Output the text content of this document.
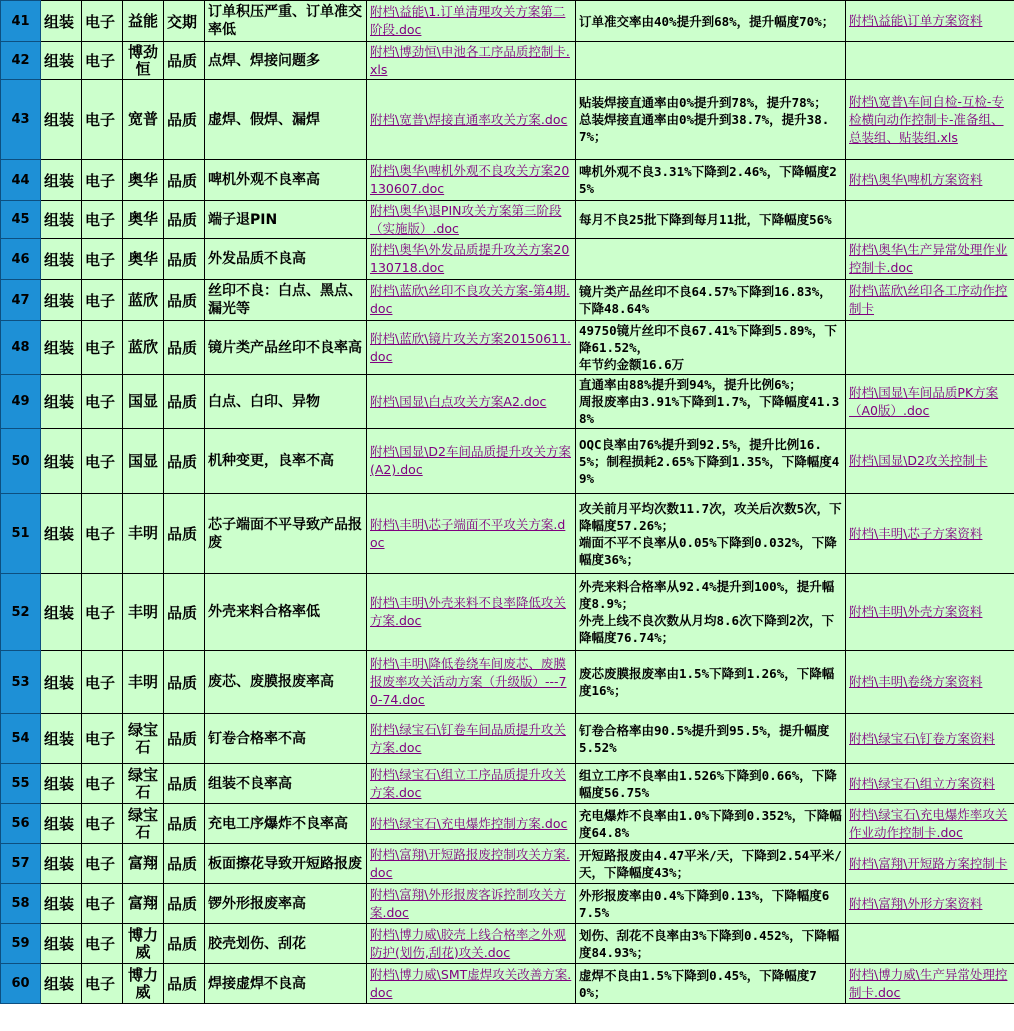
41	组装	电子	益能	交期	订单积压严重、订单准交率低	附档\益能\1.订单清理攻关方案第二阶段.doc	订单准交率由40%提升到68%，提升幅度70%；	附档\益能\订单方案资料
42	组装	电子	博劲恒	品质	点焊、焊接问题多	附档\博劲恒\申池各工序品质控制卡.xls		
43	组装	电子	宽普	品质	虚焊、假焊、漏焊	附档\宽普\焊接直通率攻关方案.doc	贴装焊接直通率由0%提升到78%，提升78%；
总装焊接直通率由0%提升到38.7%，提升38.7%；	附档\宽普\车间自检-互检-专检横向动作控制卡-准备组、总装组、贴装组.xls
44	组装	电子	奥华	品质	啤机外观不良率高	附档\奥华\啤机外观不良攻关方案20130607.doc	啤机外观不良3.31%下降到2.46%，下降幅度25%	附档\奥华\啤机方案资料
45	组装	电子	奥华	品质	端子退PIN	附档\奥华\退PIN攻关方案第三阶段（实施版）.doc	每月不良25批下降到每月11批，下降幅度56%	
46	组装	电子	奥华	品质	外发品质不良高	附档\奥华\外发品质提升攻关方案20130718.doc		附档\奥华\生产异常处理作业控制卡.doc
47	组装	电子	蓝欣	品质	丝印不良：白点、黑点、漏光等	附档\蓝欣\丝印不良攻关方案-第4期.doc	镜片类产品丝印不良64.57%下降到16.83%，下降48.64%	附档\蓝欣\丝印各工序动作控制卡
48	组装	电子	蓝欣	品质	镜片类产品丝印不良率高	附档\蓝欣\镜片攻关方案20150611.doc	49750镜片丝印不良67.41%下降到5.89%，下降61.52%，
年节约金额16.6万	

49	组装	电子	国显	品质	白点、白印、异物	附档\国显\白点攻关方案A2.doc	直通率由88%提升到94%，提升比例6%；
周报废率由3.91%下降到1.7%，下降幅度41.38%	附档\国显\车间品质PK方案（A0版）.doc
50	组装	电子	国显	品质	机种变更，良率不高	附档\国显\D2车间品质提升攻关方案(A2).doc	OQC良率由76%提升到92.5%，提升比例16.5%；制程损耗2.65%下降到1.35%，下降幅度49%	附档\国显\D2攻关控制卡
51	组装	电子	丰明	品质	芯子端面不平导致产品报废	附档\丰明\芯子端面不平攻关方案.doc	攻关前月平均次数11.7次，攻关后次数5次，下降幅度57.26%；
端面不平不良率从0.05%下降到0.032%，下降幅度36%；	附档\丰明\芯子方案资料
52	组装	电子	丰明	品质	外壳来料合格率低	附档\丰明\外壳来料不良率降低攻关方案.doc	外壳来料合格率从92.4%提升到100%，提升幅度8.9%；
外壳上线不良次数从月均8.6次下降到2次，下降幅度76.74%；	附档\丰明\外壳方案资料
53	组装	电子	丰明	品质	废芯、废膜报废率高	附档\丰明\降低卷绕车间废芯、废膜报废率攻关活动方案（升级版）---70-74.doc	废芯废膜报废率由1.5%下降到1.26%，下降幅度16%；	附档\丰明\卷绕方案资料
54	组装	电子	绿宝石	品质	钉卷合格率不高	附档\绿宝石\钉卷车间品质提升攻关方案.doc	钉卷合格率由90.5%提升到95.5%，提升幅度5.52%	附档\绿宝石\钉卷方案资料
55	组装	电子	绿宝石	品质	组装不良率高	附档\绿宝石\组立工序品质提升攻关方案.doc	组立工序不良率由1.526%下降到0.66%，下降幅度56.75%	附档\绿宝石\组立方案资料
56	组装	电子	绿宝石	品质	充电工序爆炸不良率高	附档\绿宝石\充电爆炸控制方案.doc	充电爆炸不良率由1.0%下降到0.352%，下降幅度64.8%	附档\绿宝石\充电爆炸率攻关作业动作控制卡.doc
57	组装	电子	富翔	品质	板面擦花导致开短路报废	附档\富翔\开短路报废控制攻关方案.doc	开短路报废由4.47平米/天，下降到2.54平米/天，下降幅度43%；	附档\富翔\开短路方案控制卡
58	组装	电子	富翔	品质	锣外形报废率高	附档\富翔\外形报废客诉控制攻关方案.doc	外形报废率由0.4%下降到0.13%，下降幅度67.5%	附档\富翔\外形方案资料
59	组装	电子	博力威	品质	胶壳划伤、刮花	附档\博力威\胶壳上线合格率之外观防护(划伤,刮花)攻关.doc	划伤、刮花不良率由3%下降到0.452%，下降幅度84.93%；	
60	组装	电子	博力威	品质	焊接虚焊不良高	附档\博力威\SMT虚焊攻关改善方案.doc	虚焊不良由1.5%下降到0.45%，下降幅度70%；	附档\博力威\生产异常处理控制卡.doc
